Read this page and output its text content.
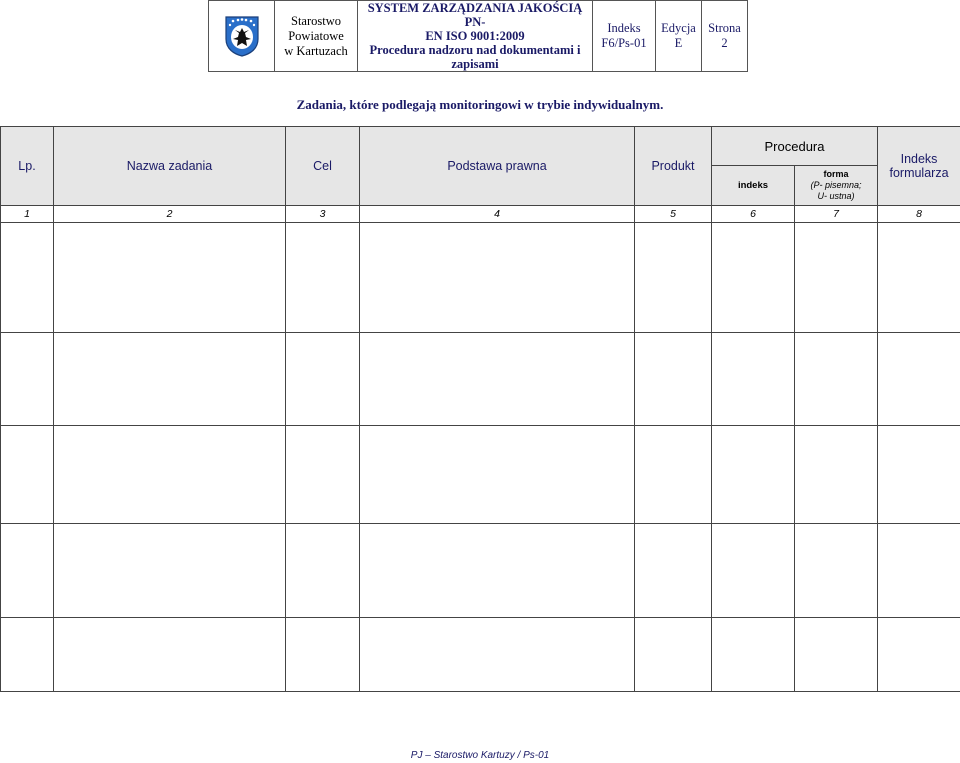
	Starostwo
Powiatowe
w Kartuzach	SYSTEM ZARZĄDZANIA JAKOŚCIĄ PN-
EN ISO 9001:2009
Procedura nadzoru nad dokumentami i
zapisami	Indeks
F6/Ps-01	Edycja
E	Strona
2
Zadania, które podlegają monitoringowi w trybie indywidualnym.
Lp.	Nazwa zadania	Cel	Podstawa prawna	Produkt	Procedura		Indeks
formularza
					indeks	forma
(P- pisemna;
U- ustna)	
1	2	3	4	5	6	7	8

PJ – Starostwo Kartuzy / Ps-01
